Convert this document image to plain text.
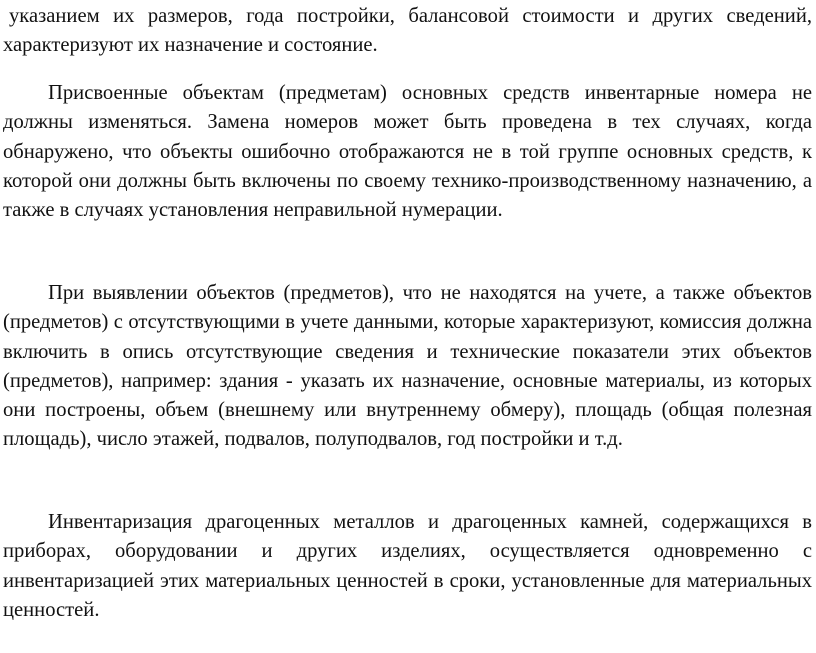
указанием их размеров, года постройки, балансовой стоимости и других сведений, характеризуют их назначение и состояние.

Присвоенные объектам (предметам) основных средств инвентарные номера не должны изменяться. Замена номеров может быть проведена в тех случаях, когда обнаружено, что объекты ошибочно отображаются не в той группе основных средств, к которой они должны быть включены по своему технико-производственному назначению, а также в случаях установления неправильной нумерации.

При выявлении объектов (предметов), что не находятся на учете, а также объектов (предметов) с отсутствующими в учете данными, которые характеризуют, комиссия должна включить в опись отсутствующие сведения и технические показатели этих объектов (предметов), например: здания - указать их назначение, основные материалы, из которых они построены, объем (внешнему или внутреннему обмеру), площадь (общая полезная площадь), число этажей, подвалов, полуподвалов, год постройки и т.д.

Инвентаризация драгоценных металлов и драгоценных камней, содержащихся в приборах, оборудовании и других изделиях, осуществляется одновременно с инвентаризацией этих материальных ценностей в сроки, установленные для материальных ценностей.
